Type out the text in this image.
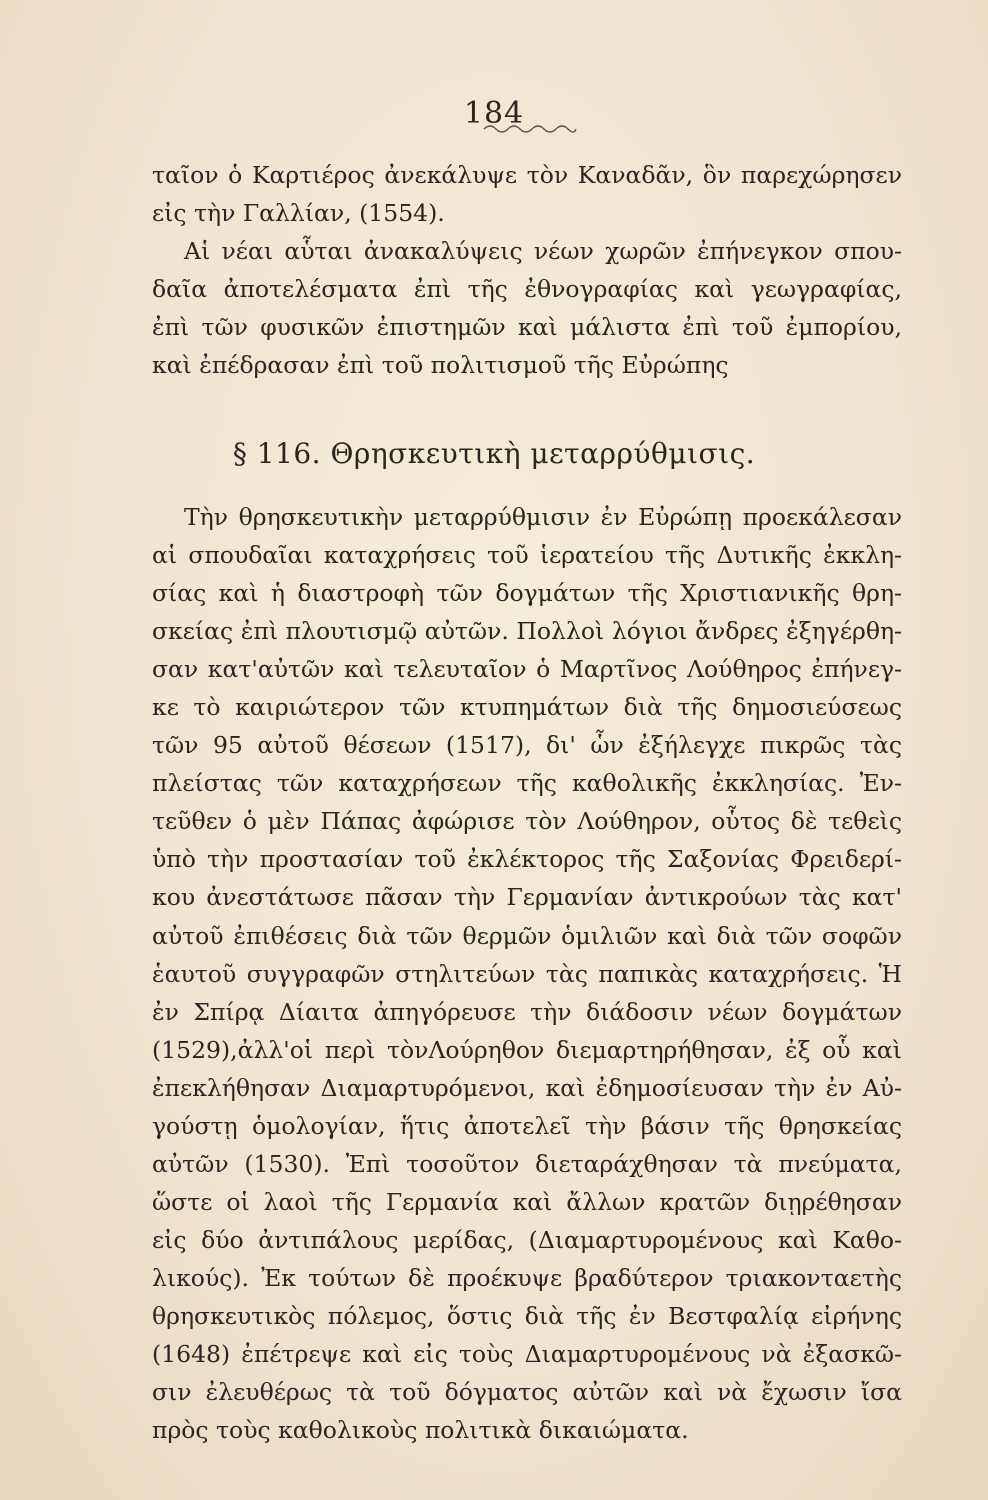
184
ταῖον ὁ Καρτιέρος ἀνεκάλυψε τὸν Καναδᾶν, ὃν παρεχώρησεν
εἰς τὴν Γαλλίαν, (1554).
Αἱ νέαι αὗται ἀνακαλύψεις νέων χωρῶν ἐπήνεγκον σπου-
δαῖα ἀποτελέσματα ἐπὶ τῆς ἐθνογραφίας καὶ γεωγραφίας,
ἐπὶ τῶν φυσικῶν ἐπιστημῶν καὶ μάλιστα ἐπὶ τοῦ ἐμπορίου,
καὶ ἐπέδρασαν ἐπὶ τοῦ πολιτισμοῦ τῆς Εὐρώπης
§ 116. Θρησκευτικὴ μεταρρύθμισις.
Τὴν θρησκευτικὴν μεταρρύθμισιν ἐν Εὐρώπῃ προεκάλεσαν
αἱ σπουδαῖαι καταχρήσεις τοῦ ἱερατείου τῆς Δυτικῆς ἐκκλη-
σίας καὶ ἡ διαστροφὴ τῶν δογμάτων τῆς Χριστιανικῆς θρη-
σκείας ἐπὶ πλουτισμῷ αὐτῶν. Πολλοὶ λόγιοι ἄνδρες ἐξηγέρθη-
σαν κατ'αὐτῶν καὶ τελευταῖον ὁ Μαρτῖνος Λούθηρος ἐπήνεγ-
κε τὸ καιριώτερον τῶν κτυπημάτων διὰ τῆς δημοσιεύσεως
τῶν 95 αὐτοῦ θέσεων (1517), δι' ὧν ἐξήλεγχε πικρῶς τὰς
πλείστας τῶν καταχρήσεων τῆς καθολικῆς ἐκκλησίας. Ἐν-
τεῦθεν ὁ μὲν Πάπας ἀφώρισε τὸν Λούθηρον, οὗτος δὲ τεθεὶς
ὑπὸ τὴν προστασίαν τοῦ ἐκλέκτορος τῆς Σαξονίας Φρειδερί-
κου ἀνεστάτωσε πᾶσαν τὴν Γερμανίαν ἀντικρούων τὰς κατ'
αὐτοῦ ἐπιθέσεις διὰ τῶν θερμῶν ὁμιλιῶν καὶ διὰ τῶν σοφῶν
ἑαυτοῦ συγγραφῶν στηλιτεύων τὰς παπικὰς καταχρήσεις. Ἡ
ἐν Σπίρᾳ Δίαιτα ἀπηγόρευσε τὴν διάδοσιν νέων δογμάτων
(1529),ἀλλ'οἱ περὶ τὸνΛούρηθον διεμαρτηρήθησαν, ἐξ οὗ καὶ
ἐπεκλήθησαν Διαμαρτυρόμενοι, καὶ ἐδημοσίευσαν τὴν ἐν Αὐ-
γούστῃ ὁμολογίαν, ἥτις ἀποτελεῖ τὴν βάσιν τῆς θρησκείας
αὐτῶν (1530). Ἐπὶ τοσοῦτον διεταράχθησαν τὰ πνεύματα,
ὥστε οἱ λαοὶ τῆς Γερμανία καὶ ἄλλων κρατῶν διῃρέθησαν
εἰς δύο ἀντιπάλους μερίδας, (Διαμαρτυρομένους καὶ Καθο-
λικούς). Ἐκ τούτων δὲ προέκυψε βραδύτερον τριακονταετὴς
θρησκευτικὸς πόλεμος, ὅστις διὰ τῆς ἐν Βεστφαλίᾳ εἰρήνης
(1648) ἐπέτρεψε καὶ εἰς τοὺς Διαμαρτυρομένους νὰ ἐξασκῶ-
σιν ἐλευθέρως τὰ τοῦ δόγματος αὐτῶν καὶ νὰ ἔχωσιν ἴσα
πρὸς τοὺς καθολικοὺς πολιτικὰ δικαιώματα.
